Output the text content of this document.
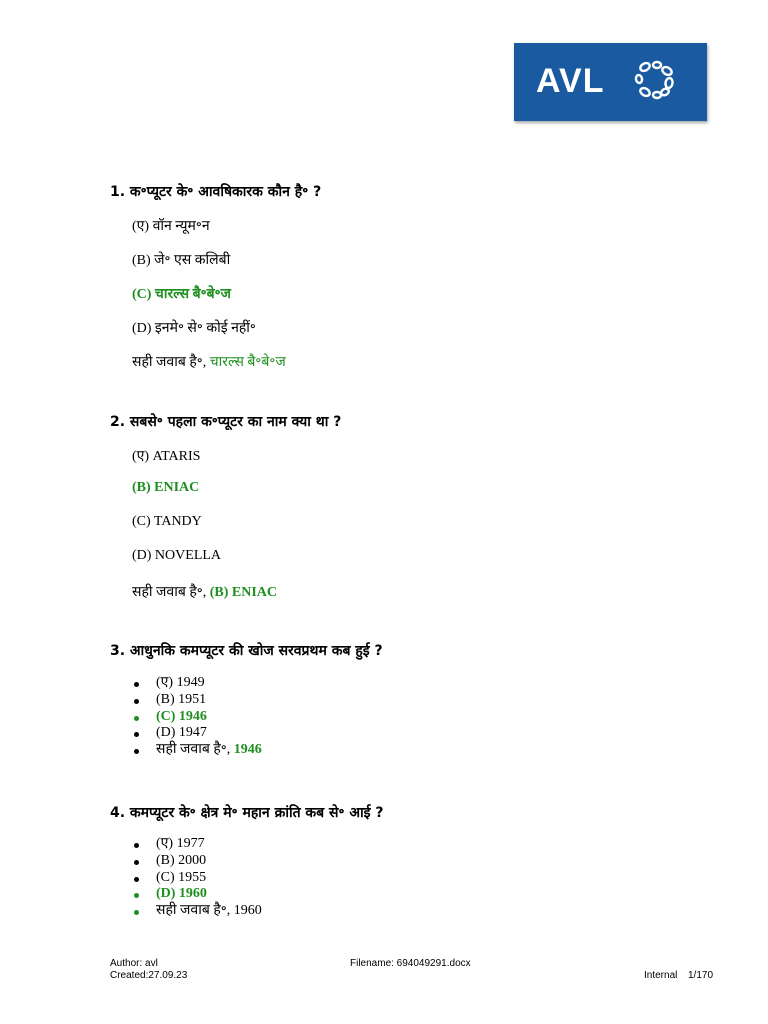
AVL
1. क॰प्यूटर के॰ आवषिकारक कौन है॰ ?
(ए) वॉन न्यूम॰न
(B) जे॰ एस कलिबी
(C) चारल्स बै॰बे॰ज
(D) इनमे॰ से॰ कोई नहीं॰
सही जवाब है॰, चारल्स बै॰बे॰ज
2. सबसे॰ पहला क॰प्यूटर का नाम क्या था ?
(ए) ATARIS
(B) ENIAC
(C) TANDY
(D) NOVELLA
सही जवाब है॰, (B) ENIAC
3. आधुनकि कमप्यूटर की खोज सरवप्रथम कब हुई ?
(ए) 1949
(B) 1951
(C) 1946
(D) 1947
सही जवाब है॰, 1946
4. कमप्यूटर के॰ क्षेत्र मे॰ महान क्रांति कब से॰ आई ?
(ए) 1977
(B) 2000
(C) 1955
(D) 1960
सही जवाब है॰, 1960
Author: avl
Created:27.09.23
Filename: 694049291.docx
Internal 1/170
